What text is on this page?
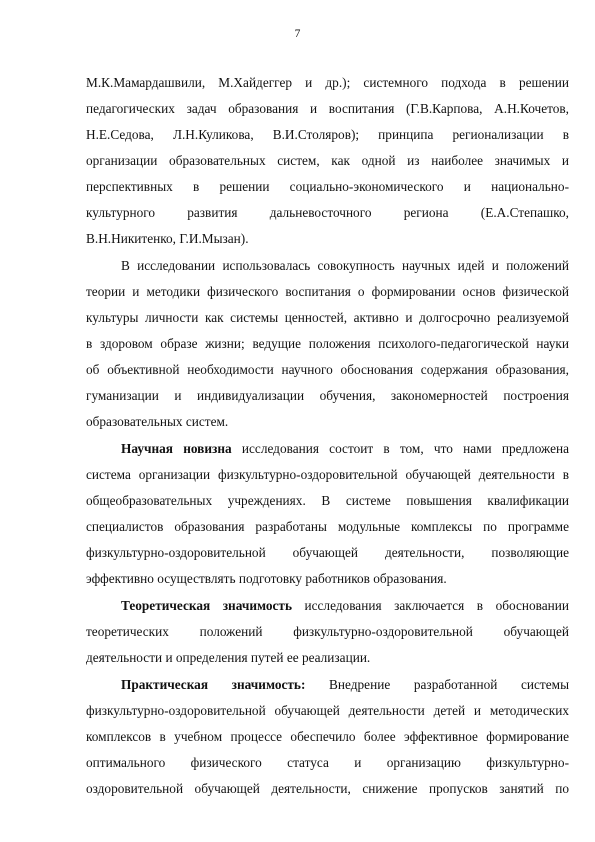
7
М.К.Мамардашвили, М.Хайдеггер и др.); системного подхода в решении
педагогических задач образования и воспитания (Г.В.Карпова, А.Н.Кочетов,
Н.Е.Седова, Л.Н.Куликова, В.И.Столяров); принципа регионализации в
организации образовательных систем, как одной из наиболее значимых и
перспективных в решении социально-экономического и национально-
культурного развития дальневосточного региона (Е.А.Степашко,
В.Н.Никитенко, Г.И.Мызан).
В исследовании использовалась совокупность научных идей и положений
теории и методики физического воспитания о формировании основ физической
культуры личности как системы ценностей, активно и долгосрочно реализуемой
в здоровом образе жизни; ведущие положения психолого-педагогической науки
об объективной необходимости научного обоснования содержания образования,
гуманизации и индивидуализации обучения, закономерностей построения
образовательных систем.
Научная новизна исследования состоит в том, что нами предложена
система организации физкультурно-оздоровительной обучающей деятельности в
общеобразовательных учреждениях. В системе повышения квалификации
специалистов образования разработаны модульные комплексы по программе
физкультурно-оздоровительной обучающей деятельности, позволяющие
эффективно осуществлять подготовку работников образования.
Теоретическая значимость исследования заключается в обосновании
теоретических положений физкультурно-оздоровительной обучающей
деятельности и определения путей ее реализации.
Практическая значимость: Внедрение разработанной системы
физкультурно-оздоровительной обучающей деятельности детей и методических
комплексов в учебном процессе обеспечило более эффективное формирование
оптимального физического статуса и организацию физкультурно-
оздоровительной обучающей деятельности, снижение пропусков занятий по
